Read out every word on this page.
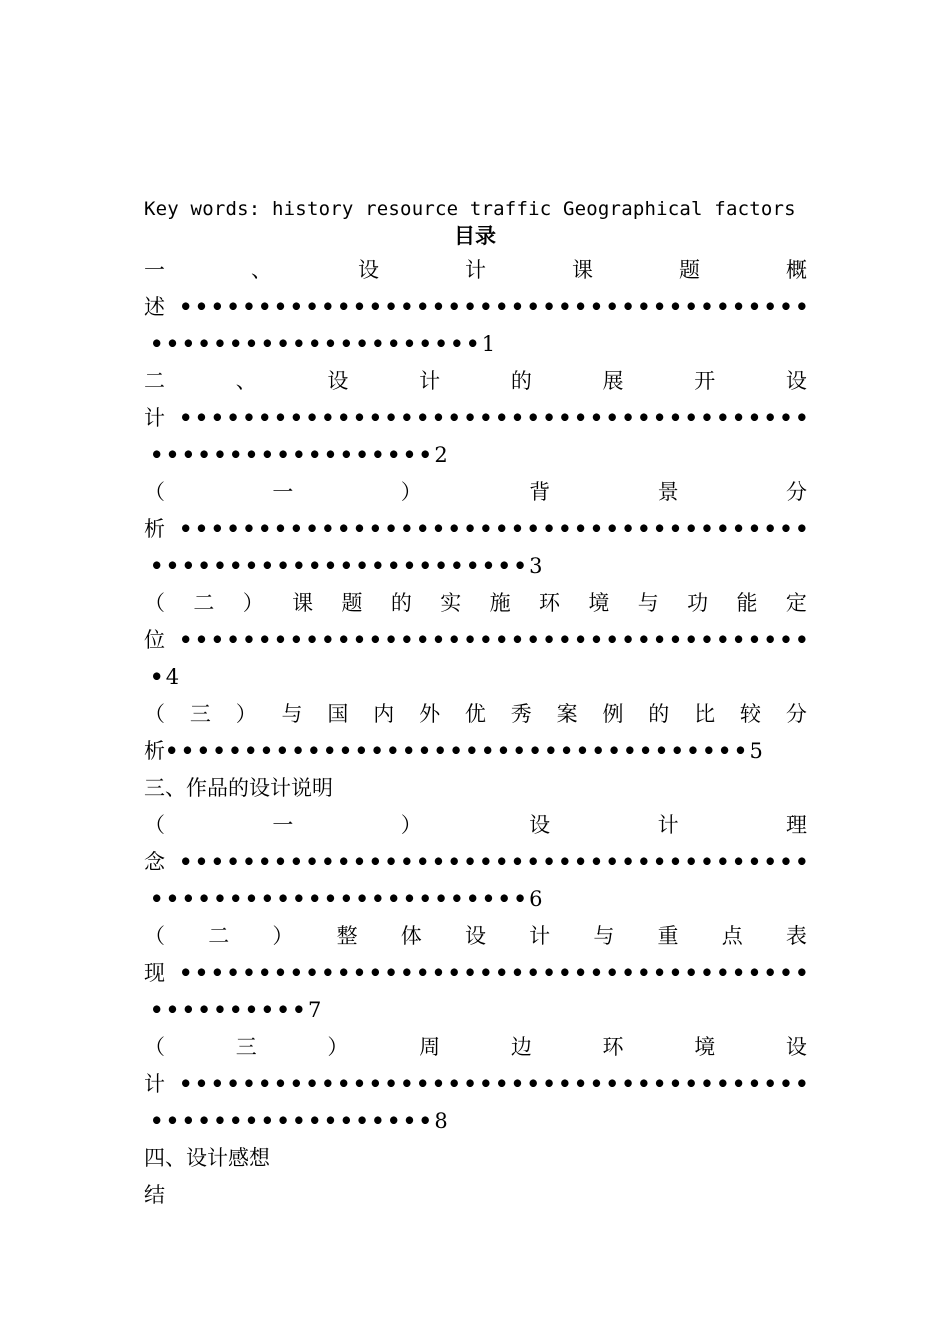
Key words: history resource traffic Geographical factors
目录
一	、	设	计	课	题	概
述 • • • • • • • • • • • • • • • • • • • • • • • • • • • • • • • • • • • • • • • •
• • • • • • • • • • • • • • • • • • • • • 1
二	、	设	计	的	展	开	设
计 • • • • • • • • • • • • • • • • • • • • • • • • • • • • • • • • • • • • • • • •
• • • • • • • • • • • • • • • • • • 2
（	一	）	背	景	分
析 • • • • • • • • • • • • • • • • • • • • • • • • • • • • • • • • • • • • • • • •
• • • • • • • • • • • • • • • • • • • • • • • • 3
（ 二 ） 课 题 的 实 施 环 境 与 功 能 定
位 • • • • • • • • • • • • • • • • • • • • • • • • • • • • • • • • • • • • • • • •
• 4
（ 三 ） 与 国 内 外 优 秀 案 例 的 比 较 分
析• • • • • • • • • • • • • • • • • • • • • • • • • • • • • • • • • • • • • 5
三、作品的设计说明
（	一	）	设	计	理
念 • • • • • • • • • • • • • • • • • • • • • • • • • • • • • • • • • • • • • • • •
• • • • • • • • • • • • • • • • • • • • • • • • 6
（ 二 ） 整 体 设 计 与 重 点 表
现 • • • • • • • • • • • • • • • • • • • • • • • • • • • • • • • • • • • • • • • •
• • • • • • • • • • 7
（	三	）	周	边	环	境	设
计 • • • • • • • • • • • • • • • • • • • • • • • • • • • • • • • • • • • • • • • •
• • • • • • • • • • • • • • • • • • 8
四、设计感想
结
